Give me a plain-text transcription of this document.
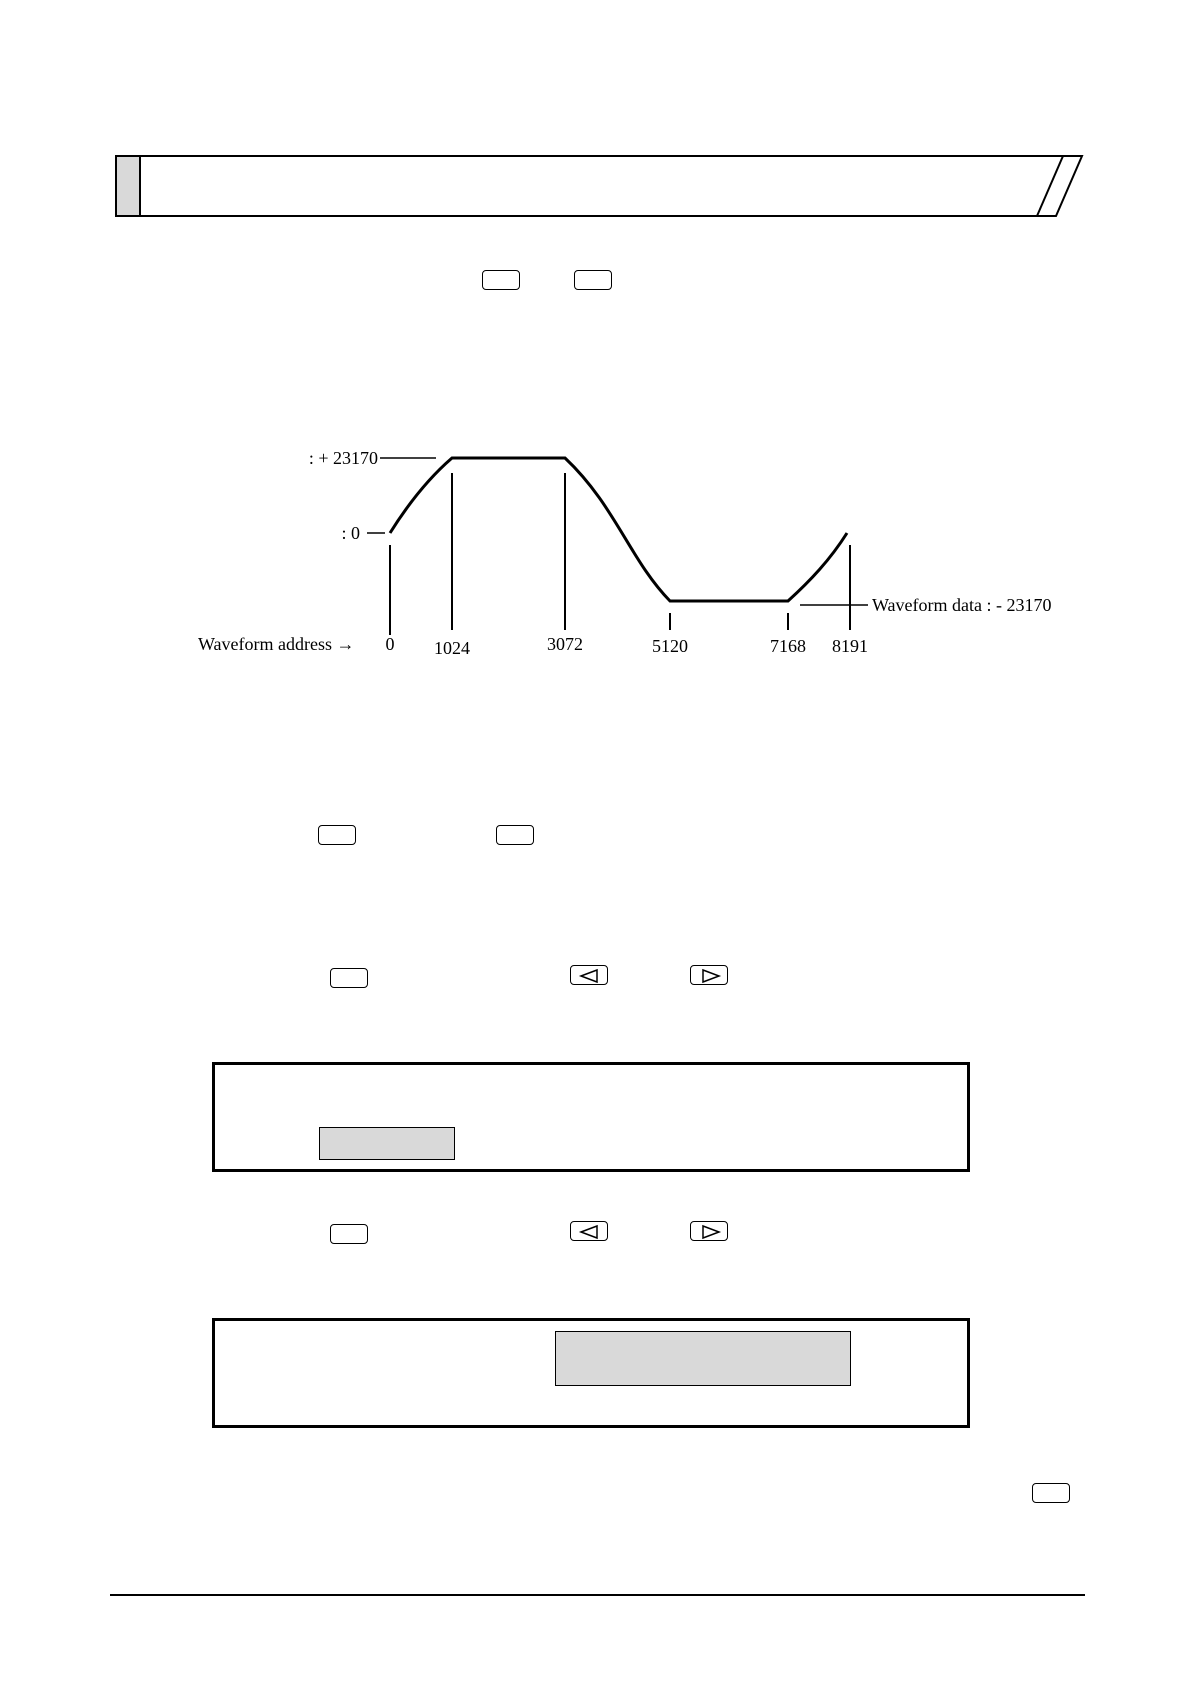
: + 23170
: 0
Waveform data : - 23170
Waveform address → 0 1024	3072	5120	7168 8191
